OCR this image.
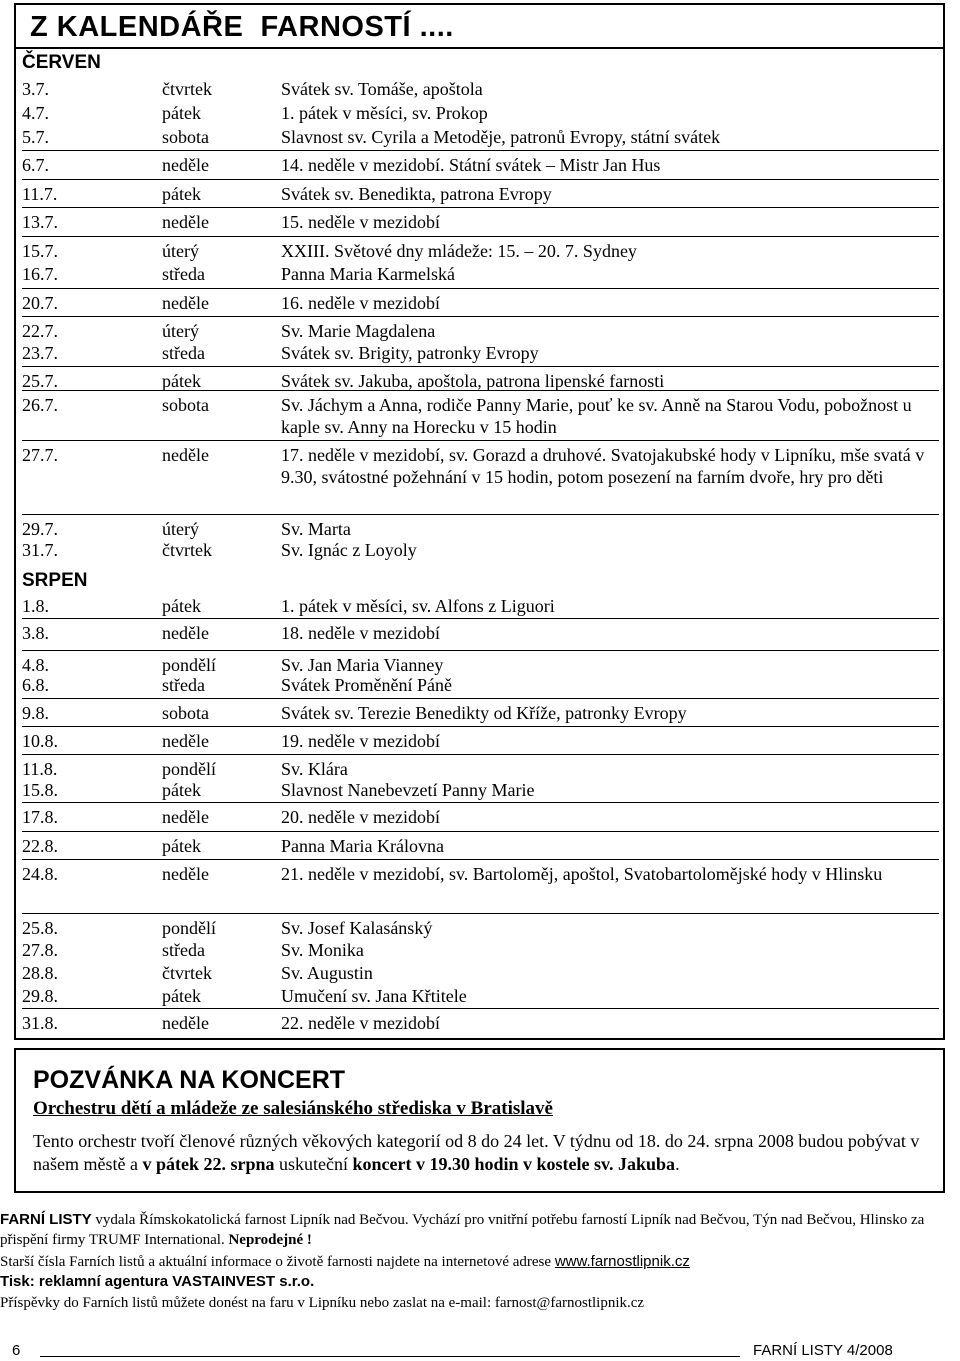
Z KALENDÁŘE  FARNOSTÍ ....
ČERVEN
3.7.	čtvrtek	Svátek sv. Tomáše, apoštola
4.7.	pátek	1. pátek v měsíci, sv. Prokop
5.7.	sobota	Slavnost sv. Cyrila a Metoděje, patronů Evropy, státní svátek
6.7.	neděle	14. neděle v mezidobí. Státní svátek – Mistr Jan Hus
11.7.	pátek	Svátek sv. Benedikta, patrona Evropy
13.7.	neděle	15. neděle v mezidobí
15.7.	úterý	XXIII. Světové dny mládeže: 15. – 20. 7. Sydney
16.7.	středa	Panna Maria Karmelská
20.7.	neděle	16. neděle v mezidobí
22.7.	úterý	Sv. Marie Magdalena
23.7.	středa	Svátek sv. Brigity, patronky Evropy
25.7.	pátek	Svátek sv. Jakuba, apoštola, patrona lipenské farnosti
26.7.	sobota	Sv. Jáchym a Anna, rodiče Panny Marie, pouť ke sv. Anně na Starou Vodu, pobožnost u kaple sv. Anny na Horecku v 15 hodin
27.7.	neděle	17. neděle v mezidobí, sv. Gorazd a druhové. Svatojakubské hody v Lipníku, mše svatá v 9.30, svátostné požehnání v 15 hodin, potom posezení na farním dvoře, hry pro děti
29.7.	úterý	Sv. Marta
31.7.	čtvrtek	Sv. Ignác z Loyoly
SRPEN
1.8.	pátek	1. pátek v měsíci, sv. Alfons z Liguori
3.8.	neděle	18. neděle v mezidobí
4.8.	pondělí	Sv. Jan Maria Vianney
6.8.	středa	Svátek Proměnění Páně
9.8.	sobota	Svátek sv. Terezie Benedikty od Kříže, patronky Evropy
10.8.	neděle	19. neděle v mezidobí
11.8.	pondělí	Sv. Klára
15.8.	pátek	Slavnost Nanebevzetí Panny Marie
17.8.	neděle	20. neděle v mezidobí
22.8.	pátek	Panna Maria Královna
24.8.	neděle	21. neděle v mezidobí, sv. Bartoloměj, apoštol, Svatobartolomějské hody v Hlinsku
25.8.	pondělí	Sv. Josef Kalasánský
27.8.	středa	Sv. Monika
28.8.	čtvrtek	Sv. Augustin
29.8.	pátek	Umučení sv. Jana Křtitele
31.8.	neděle	22. neděle v mezidobí
POZVÁNKA NA KONCERT
Orchestru dětí a mládeže ze salesiánského střediska v Bratislavě
Tento orchestr tvoří členové různých věkových kategorií od 8 do 24 let. V týdnu od 18. do 24. srpna 2008 budou pobývat v našem městě a v pátek 22. srpna uskuteční koncert v 19.30 hodin v kostele sv. Jakuba.
FARNÍ LISTY vydala Římskokatolická farnost Lipník nad Bečvou. Vychází pro vnitřní potřebu farností Lipník nad Bečvou, Týn nad Bečvou, Hlinsko za přispění firmy TRUMF International. Neprodejné !
Starší čísla Farních listů a aktuální informace o životě farnosti najdete na internetové adrese www.farnostlipnik.cz
Tisk: reklamní agentura VASTAINVEST s.r.o.
Příspěvky do Farních listů můžete donést na faru v Lipníku nebo zaslat na e-mail: farnost@farnostlipnik.cz
6	FARNÍ LISTY 4/2008
